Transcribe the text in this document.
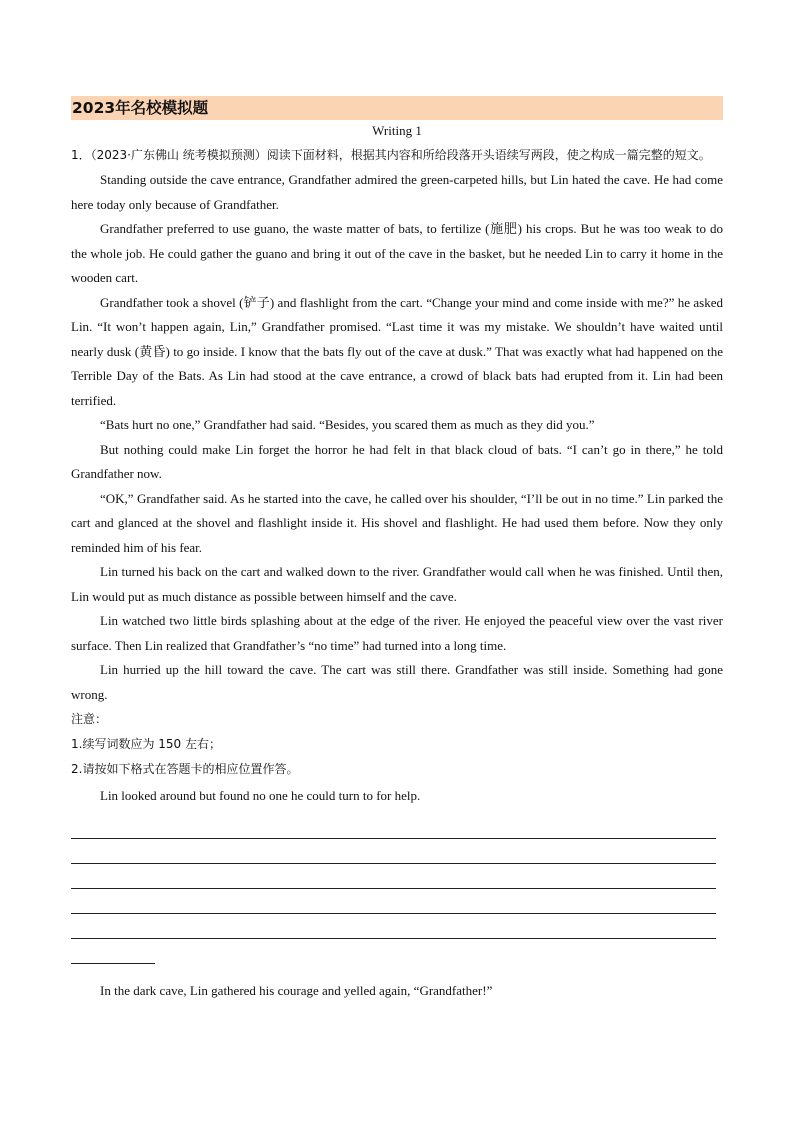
2023年名校模拟题
Writing 1
1．（2023·广东佛山 统考模拟预测）阅读下面材料，根据其内容和所给段落开头语续写两段，使之构成一篇完整的短文。

Standing outside the cave entrance, Grandfather admired the green-carpeted hills, but Lin hated the cave. He had come here today only because of Grandfather.

Grandfather preferred to use guano, the waste matter of bats, to fertilize (施肥) his crops. But he was too weak to do the whole job. He could gather the guano and bring it out of the cave in the basket, but he needed Lin to carry it home in the wooden cart.

Grandfather took a shovel (铲子) and flashlight from the cart. “Change your mind and come inside with me?” he asked Lin. “It won’t happen again, Lin,” Grandfather promised. “Last time it was my mistake. We shouldn’t have waited until nearly dusk (黄昏) to go inside. I know that the bats fly out of the cave at dusk.” That was exactly what had happened on the Terrible Day of the Bats. As Lin had stood at the cave entrance, a crowd of black bats had erupted from it. Lin had been terrified.

“Bats hurt no one,” Grandfather had said. “Besides, you scared them as much as they did you.”

But nothing could make Lin forget the horror he had felt in that black cloud of bats. “I can’t go in there,” he told Grandfather now.

“OK,” Grandfather said. As he started into the cave, he called over his shoulder, “I’ll be out in no time.” Lin parked the cart and glanced at the shovel and flashlight inside it. His shovel and flashlight. He had used them before. Now they only reminded him of his fear.

Lin turned his back on the cart and walked down to the river. Grandfather would call when he was finished. Until then, Lin would put as much distance as possible between himself and the cave.

Lin watched two little birds splashing about at the edge of the river. He enjoyed the peaceful view over the vast river surface. Then Lin realized that Grandfather’s “no time” had turned into a long time.

Lin hurried up the hill toward the cave. The cart was still there. Grandfather was still inside. Something had gone wrong.

注意：
1.续写词数应为 150 左右；
2.请按如下格式在答题卡的相应位置作答。
Lin looked around but found no one he could turn to for help.
In the dark cave, Lin gathered his courage and yelled again, “Grandfather!”
